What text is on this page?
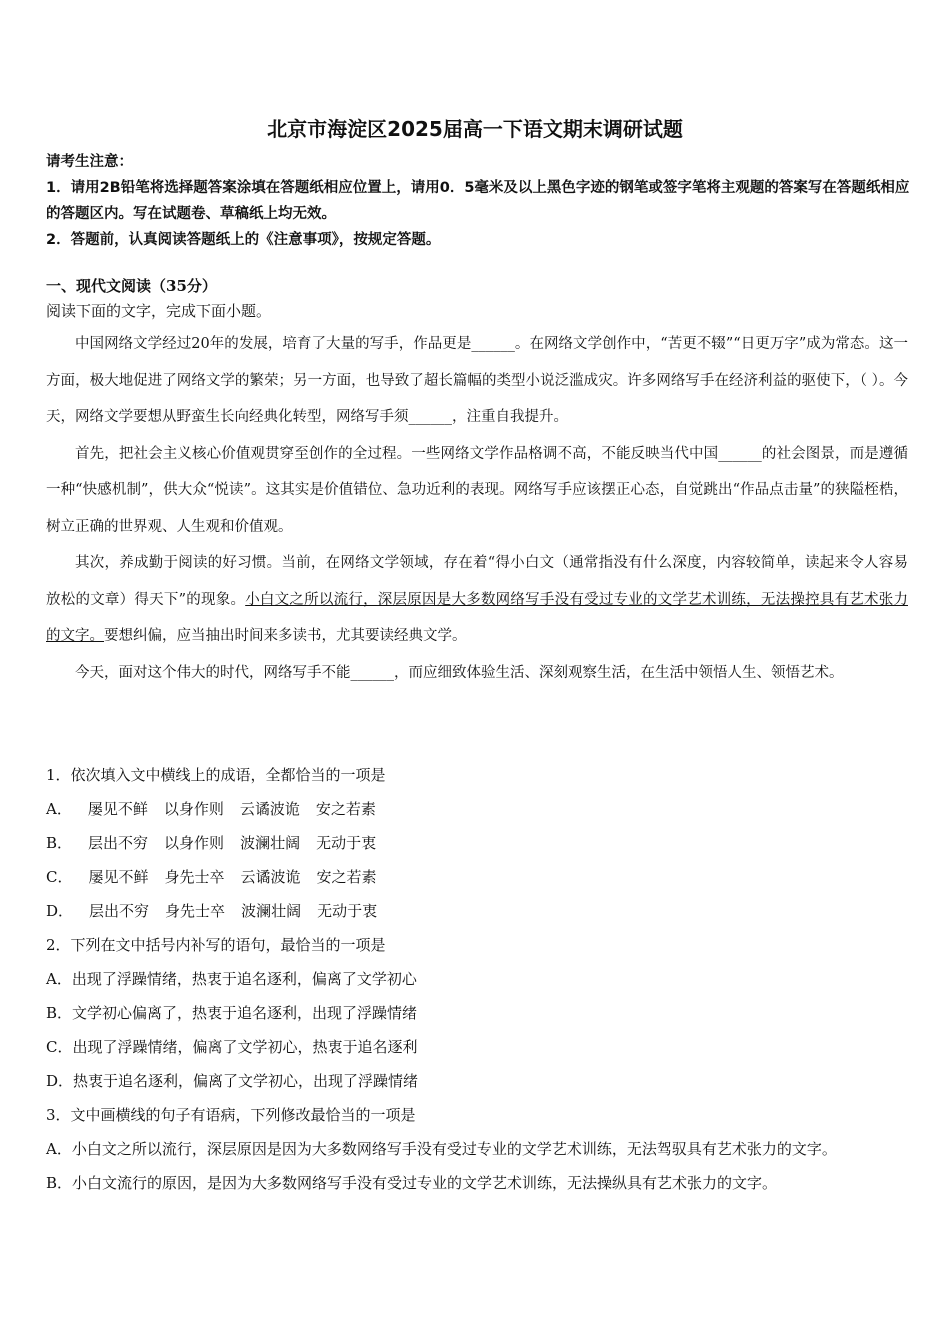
北京市海淀区2025届高一下语文期末调研试题
请考生注意：
1．请用2B铅笔将选择题答案涂填在答题纸相应位置上，请用0．5毫米及以上黑色字迹的钢笔或签字笔将主观题的答案写在答题纸相应的答题区内。写在试题卷、草稿纸上均无效。
2．答题前，认真阅读答题纸上的《注意事项》，按规定答题。
一、现代文阅读（35分）
阅读下面的文字，完成下面小题。

中国网络文学经过20年的发展，培育了大量的写手，作品更是______。在网络文学创作中，“苦更不辍”“日更万字”成为常态。这一方面，极大地促进了网络文学的繁荣；另一方面，也导致了超长篇幅的类型小说泛滥成灾。许多网络写手在经济利益的驱使下，（ ）。今天，网络文学要想从野蛮生长向经典化转型，网络写手须______，注重自我提升。

首先，把社会主义核心价值观贯穿至创作的全过程。一些网络文学作品格调不高，不能反映当代中国______的社会图景，而是遵循一种“快感机制”，供大众“悦读”。这其实是价值错位、急功近利的表现。网络写手应该摆正心态，自觉跳出“作品点击量”的狭隘桎梏，树立正确的世界观、人生观和价值观。

其次，养成勤于阅读的好习惯。当前，在网络文学领域，存在着“得小白文（通常指没有什么深度，内容较简单，读起来令人容易放松的文章）得天下”的现象。小白文之所以流行，深层原因是大多数网络写手没有受过专业的文学艺术训练，无法操控具有艺术张力的文字。要想纠偏，应当抽出时间来多读书，尤其要读经典文学。

今天，面对这个伟大的时代，网络写手不能______，而应细致体验生活、深刻观察生活，在生活中领悟人生、领悟艺术。

1．依次填入文中横线上的成语，全都恰当的一项是
A． 屡见不鲜 以身作则 云谲波诡 安之若素
B． 层出不穷 以身作则 波澜壮阔 无动于衷
C． 屡见不鲜 身先士卒 云谲波诡 安之若素
D． 层出不穷 身先士卒 波澜壮阔 无动于衷
2．下列在文中括号内补写的语句，最恰当的一项是
A．出现了浮躁情绪，热衷于追名逐利，偏离了文学初心
B．文学初心偏离了，热衷于追名逐利，出现了浮躁情绪
C．出现了浮躁情绪，偏离了文学初心，热衷于追名逐利
D．热衷于追名逐利，偏离了文学初心，出现了浮躁情绪
3．文中画横线的句子有语病，下列修改最恰当的一项是
A．小白文之所以流行，深层原因是因为大多数网络写手没有受过专业的文学艺术训练，无法驾驭具有艺术张力的文字。
B．小白文流行的原因，是因为大多数网络写手没有受过专业的文学艺术训练，无法操纵具有艺术张力的文字。
